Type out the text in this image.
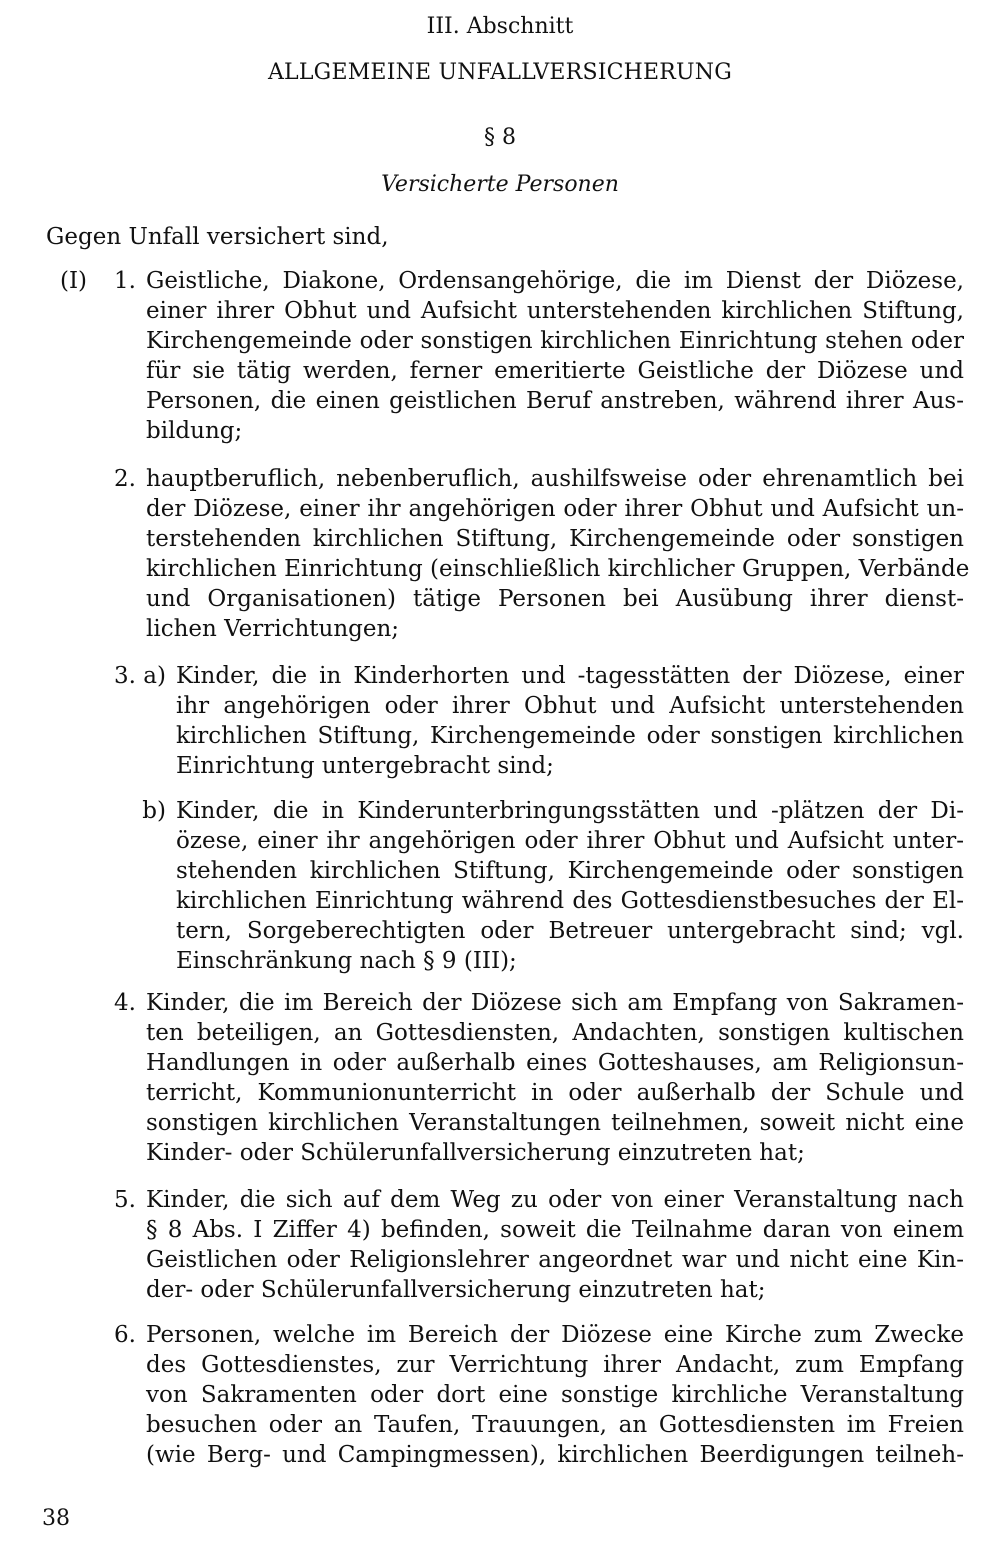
III. Abschnitt
ALLGEMEINE UNFALLVERSICHERUNG
§ 8
Versicherte Personen
Gegen Unfall versichert sind,
(I)	1. Geistliche, Diakone, Ordensangehörige, die im Dienst der Diözese,
einer ihrer Obhut und Aufsicht unterstehenden kirchlichen Stiftung,
Kirchengemeinde oder sonstigen kirchlichen Einrichtung stehen oder
für sie tätig werden, ferner emeritierte Geistliche der Diözese und
Personen, die einen geistlichen Beruf anstreben, während ihrer Aus-
bildung;
2. hauptberuflich, nebenberuflich, aushilfsweise oder ehrenamtlich bei
der Diözese, einer ihr angehörigen oder ihrer Obhut und Aufsicht un-
terstehenden kirchlichen Stiftung, Kirchengemeinde oder sonstigen
kirchlichen Einrichtung (einschließlich kirchlicher Gruppen, Verbände
und Organisationen) tätige Personen bei Ausübung ihrer dienst-
lichen Verrichtungen;
3. a) Kinder, die in Kinderhorten und -tagesstätten der Diözese, einer
ihr angehörigen oder ihrer Obhut und Aufsicht unterstehenden
kirchlichen Stiftung, Kirchengemeinde oder sonstigen kirchlichen
Einrichtung untergebracht sind;
b) Kinder, die in Kinderunterbringungsstätten und -plätzen der Di-
özese, einer ihr angehörigen oder ihrer Obhut und Aufsicht unter-
stehenden kirchlichen Stiftung, Kirchengemeinde oder sonstigen
kirchlichen Einrichtung während des Gottesdienstbesuches der El-
tern, Sorgeberechtigten oder Betreuer untergebracht sind; vgl.
Einschränkung nach § 9 (III);
4. Kinder, die im Bereich der Diözese sich am Empfang von Sakramen-
ten beteiligen, an Gottesdiensten, Andachten, sonstigen kultischen
Handlungen in oder außerhalb eines Gotteshauses, am Religionsun-
terricht, Kommunionunterricht in oder außerhalb der Schule und
sonstigen kirchlichen Veranstaltungen teilnehmen, soweit nicht eine
Kinder- oder Schülerunfallversicherung einzutreten hat;
5. Kinder, die sich auf dem Weg zu oder von einer Veranstaltung nach
§ 8 Abs. I Ziffer 4) befinden, soweit die Teilnahme daran von einem
Geistlichen oder Religionslehrer angeordnet war und nicht eine Kin-
der- oder Schülerunfallversicherung einzutreten hat;
6. Personen, welche im Bereich der Diözese eine Kirche zum Zwecke
des Gottesdienstes, zur Verrichtung ihrer Andacht, zum Empfang
von Sakramenten oder dort eine sonstige kirchliche Veranstaltung
besuchen oder an Taufen, Trauungen, an Gottesdiensten im Freien
(wie Berg- und Campingmessen), kirchlichen Beerdigungen teilneh-
38
